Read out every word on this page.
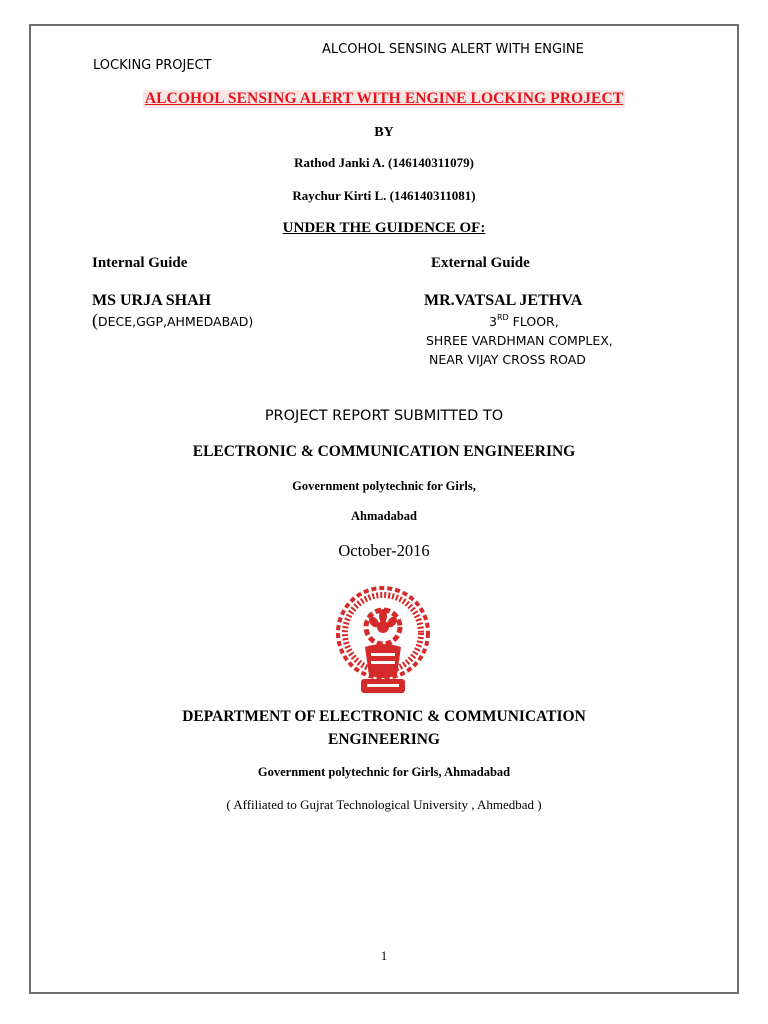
ALCOHOL SENSING ALERT WITH ENGINE
LOCKING PROJECT
ALCOHOL SENSING ALERT WITH ENGINE LOCKING PROJECT
BY
Rathod Janki A. (146140311079)
Raychur Kirti L. (146140311081)
UNDER THE GUIDENCE OF:
Internal Guide	External Guide
MS URJA SHAH	MR.VATSAL JETHVA
(DECE,GGP,AHMEDABAD)	3RD FLOOR,
SHREE VARDHMAN COMPLEX,
NEAR VIJAY CROSS ROAD
PROJECT REPORT SUBMITTED TO
ELECTRONIC & COMMUNICATION ENGINEERING
Government polytechnic for Girls,
Ahmadabad
October-2016
DEPARTMENT OF ELECTRONIC & COMMUNICATION
ENGINEERING
Government polytechnic for Girls, Ahmadabad
( Affiliated to Gujrat Technological University , Ahmedbad )
1
